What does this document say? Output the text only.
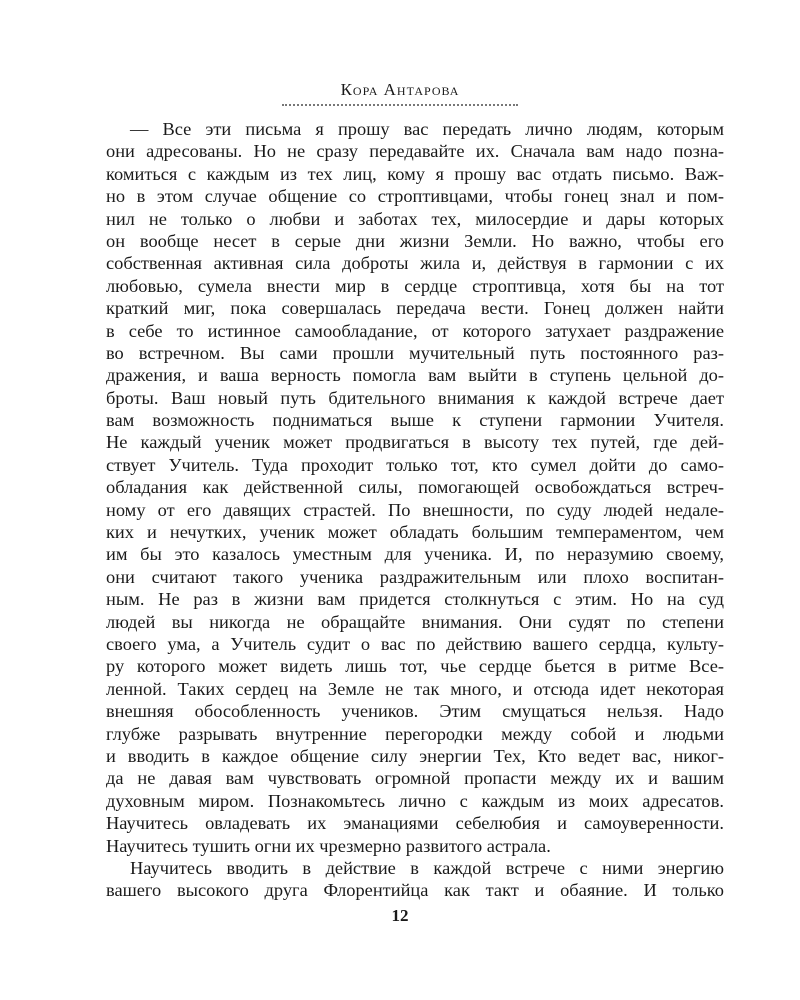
Кора Антарова
— Все эти письма я прошу вас передать лично людям, которым
они адресованы. Но не сразу передавайте их. Сначала вам надо позна-
комиться с каждым из тех лиц, кому я прошу вас отдать письмо. Важ-
но в этом случае общение со строптивцами, чтобы гонец знал и пом-
нил не только о любви и заботах тех, милосердие и дары которых
он вообще несет в серые дни жизни Земли. Но важно, чтобы его
собственная активная сила доброты жила и, действуя в гармонии с их
любовью, сумела внести мир в сердце строптивца, хотя бы на тот
краткий миг, пока совершалась передача вести. Гонец должен найти
в себе то истинное самообладание, от которого затухает раздражение
во встречном. Вы сами прошли мучительный путь постоянного раз-
дражения, и ваша верность помогла вам выйти в ступень цельной до-
броты. Ваш новый путь бдительного внимания к каждой встрече дает
вам возможность подниматься выше к ступени гармонии Учителя.
Не каждый ученик может продвигаться в высоту тех путей, где дей-
ствует Учитель. Туда проходит только тот, кто сумел дойти до само-
обладания как действенной силы, помогающей освобождаться встреч-
ному от его давящих страстей. По внешности, по суду людей недале-
ких и нечутких, ученик может обладать большим темпераментом, чем
им бы это казалось уместным для ученика. И, по неразумию своему,
они считают такого ученика раздражительным или плохо воспитан-
ным. Не раз в жизни вам придется столкнуться с этим. Но на суд
людей вы никогда не обращайте внимания. Они судят по степени
своего ума, а Учитель судит о вас по действию вашего сердца, культу-
ру которого может видеть лишь тот, чье сердце бьется в ритме Все-
ленной. Таких сердец на Земле не так много, и отсюда идет некоторая
внешняя обособленность учеников. Этим смущаться нельзя. Надо
глубже разрывать внутренние перегородки между собой и людьми
и вводить в каждое общение силу энергии Тех, Кто ведет вас, никог-
да не давая вам чувствовать огромной пропасти между их и вашим
духовным миром. Познакомьтесь лично с каждым из моих адресатов.
Научитесь овладевать их эманациями себелюбия и самоуверенности.
Научитесь тушить огни их чрезмерно развитого астрала.
Научитесь вводить в действие в каждой встрече с ними энергию
вашего высокого друга Флорентийца как такт и обаяние. И только
12
